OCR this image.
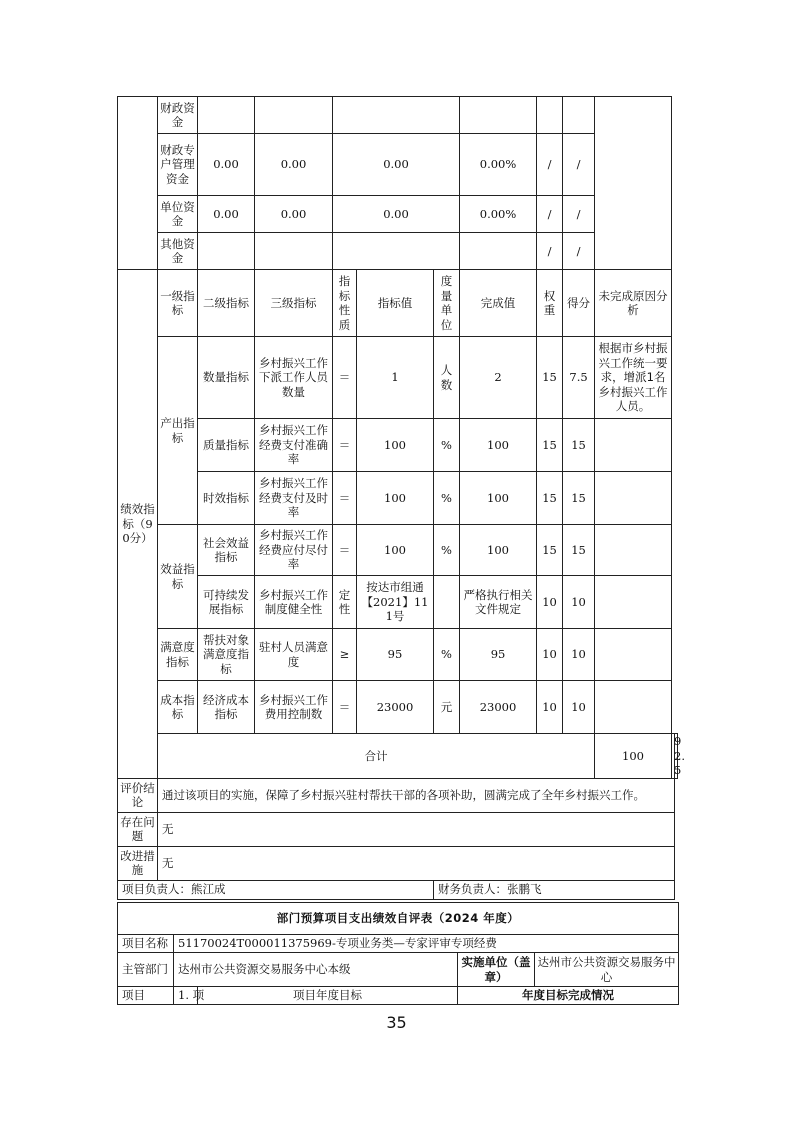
	财政资金											
	财政专户管理资金	0.00	0.00	0.00			0.00%	/	/			
	单位资金	0.00	0.00	0.00			0.00%	/	/			
	其他资金							/	/			
绩效指标（90分）	一级指标	二级指标	三级指标	指标性质	指标值	度量单位	完成值	权重	得分	未完成原因分析		
	产出指标	数量指标	乡村振兴工作下派工作人员数量	＝	1	人数	2	15	7.5	根据市乡村振兴工作统一要求，增派1名乡村振兴工作人员。		
		质量指标	乡村振兴工作经费支付准确率	＝	100	%	100	15	15			
		时效指标	乡村振兴工作经费支付及时率	＝	100	%	100	15	15			
	效益指标	社会效益指标	乡村振兴工作经费应付尽付率	＝	100	%	100	15	15			
		可持续发展指标	乡村振兴工作制度健全性	定性	按达市组通【2021】111号		严格执行相关文件规定	10	10			
	满意度指标	帮扶对象满意度指标	驻村人员满意度	≥	95	%	95	10	10			
	成本指标	经济成本指标	乡村振兴工作费用控制数	＝	23000	元	23000	10	10			
	合计									100	92.5	
评价结论	通过该项目的实施，保障了乡村振兴驻村帮扶干部的各项补助，圆满完成了全年乡村振兴工作。											
存在问题	无											
改进措施	无											
项目负责人：熊江成						财务负责人：张鹏飞						
部门预算项目支出绩效自评表（2024 年度）				
项目名称	51170024T000011375969-专项业务类—专家评审专项经费			
主管部门	达州市公共资源交易服务中心本级		实施单位（盖章）	达州市公共资源交易服务中心
项目	1. 项	项目年度目标	年度目标完成情况	
35
